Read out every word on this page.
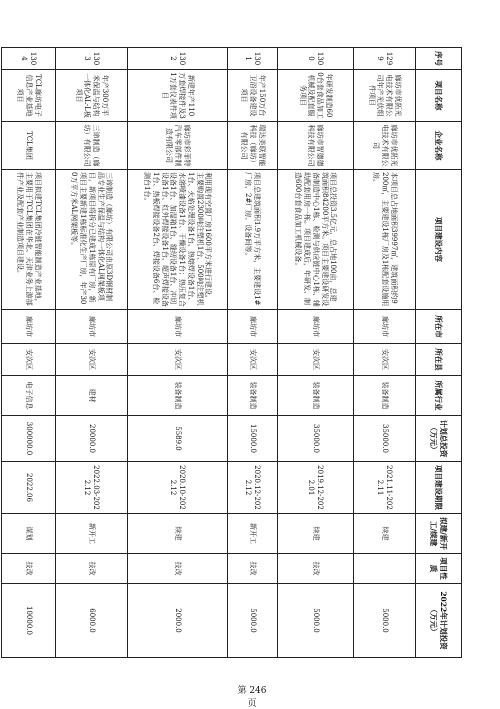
序号	项目名称	企业名称	项目建设内容	所在市	所在县	所属行业	计划总投资（万元）	项目建设期限	拟建/新开工/续建	项目性质	2022年计划投资（万元）
1299	廊坊市优拓光电技术有限公司年产光伏组件项目	廊坊市优拓光电技术有限公司	本项目总占地面积39997㎡，建筑面积约9200㎡，主要建设1栋厂房及1栋配套设施用房。	廊坊市	安次区	装备制造	35000.0	2021.11-2022.11	续建		5000.0
1300	年研发制造600台套食品加工机械及配套服务项目	廊坊市智德德科技有限公司	项目总投资3.5亿元，总占地100亩，总建筑面积84200平方米。项目主要建设研发设备制造中心1栋、检测与供应链中心1栋、辅助配套用房一栋。项目建成后，年研发、制造600台套食品加工机械设备。	廊坊市	安次区	装备制造	35000.0	2019.12-2022.01	续建	技改	5000.0
1301	年产150万台卫浴设备建设项目	瑞达美联智能科技（廊坊）有限公司	项目总建筑面积1.9万平方米，主要建设1#厂房、2#厂房、设备间等。	廊坊市	安次区	装备制造	15000.0	2020.12-2022.12	新开工	技改	5000.0
1302	新建年产110万套焊接件及31万套仪表件项目	廊坊市彩菲特汽车零部件制造有限公司	利用现有空置厂房1600平方米进行建设。主要购置2300吨注塑机1台、500吨注塑机1台、火焰处理设备1台、热熔焊设备1台、水溶喷漆设备1台、干燥设备1台；热压复合设备1台、加湿箱1台、缝纫设备1台、冲切设备1台、红外焊接设备1台、超声焊接设备1台、热板焊接设备2台、焊接设备6台、检测台1台。	廊坊市	安次区	装备制造	5589.0	2020.10-2022.12	续建	技改	2000.0
1303	年产300万平米保温与结构一体化AL-L板项目	三谛制造（廊坊）有限公司	三谛制造（廊坊）有限公司由原3D钢材制品专业生产保温与结构一体化AL网架板项目，新项目将拆分已建成1栋原有厂房，新项目主要新建1栋标准化生产厂房，年产300万平方米AL网架板等。	廊坊市	安次区	建材	20000.0	2022.03-2022.12	新开工	技改	6000.0
1304	TCL廊坊电子信息产业基地项目	TCL集团	项目拟建TCL集团冷链智能制造产业基地，主要用于TCL集团在华北、天津业务上游部件产业及配套产业制造项目建设。	廊坊市	安次区	电子信息	300000.0	2022.06	谋划	技改	10000.0
第 246 页
